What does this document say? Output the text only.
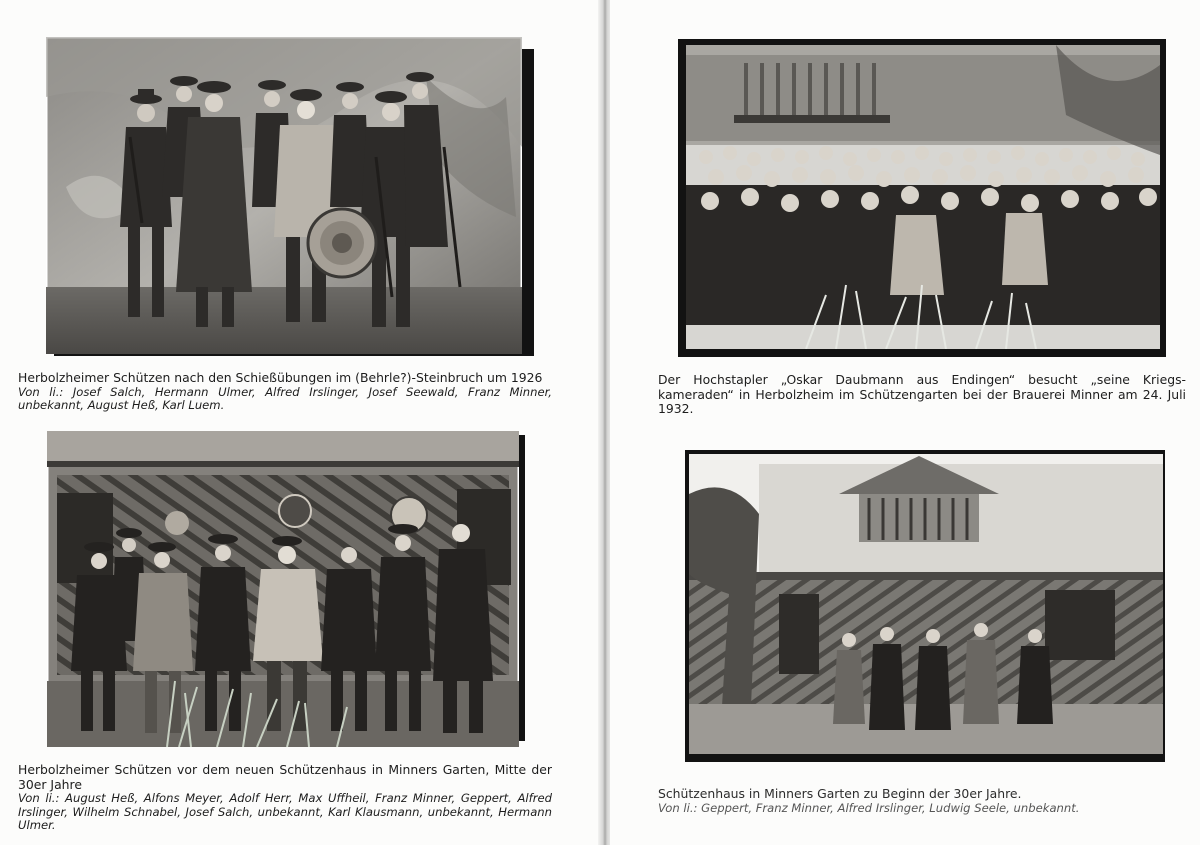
Herbolzheimer Schützen nach den Schießübungen im (Behrle?)-Steinbruch um 1926
Von li.: Josef Salch, Hermann Ulmer, Alfred Irslinger, Josef Seewald, Franz Minner, unbekannt, August Heß, Karl Luem.
Herbolzheimer Schützen vor dem neuen Schützenhaus in Minners Garten, Mitte der 30er Jahre
Von li.: August Heß, Alfons Meyer, Adolf Herr, Max Uffheil, Franz Minner, Geppert, Alfred Irslinger, Wilhelm Schnabel, Josef Salch, unbekannt, Karl Klausmann, unbekannt, Hermann Ulmer.
Der Hochstapler „Oskar Daubmann aus Endingen“ besucht „seine Kriegs-kameraden“ in Herbolzheim im Schützengarten bei der Brauerei Minner am 24. Juli 1932.
Schützenhaus in Minners Garten zu Beginn der 30er Jahre.
Von li.: Geppert, Franz Minner, Alfred Irslinger, Ludwig Seele, unbekannt.
